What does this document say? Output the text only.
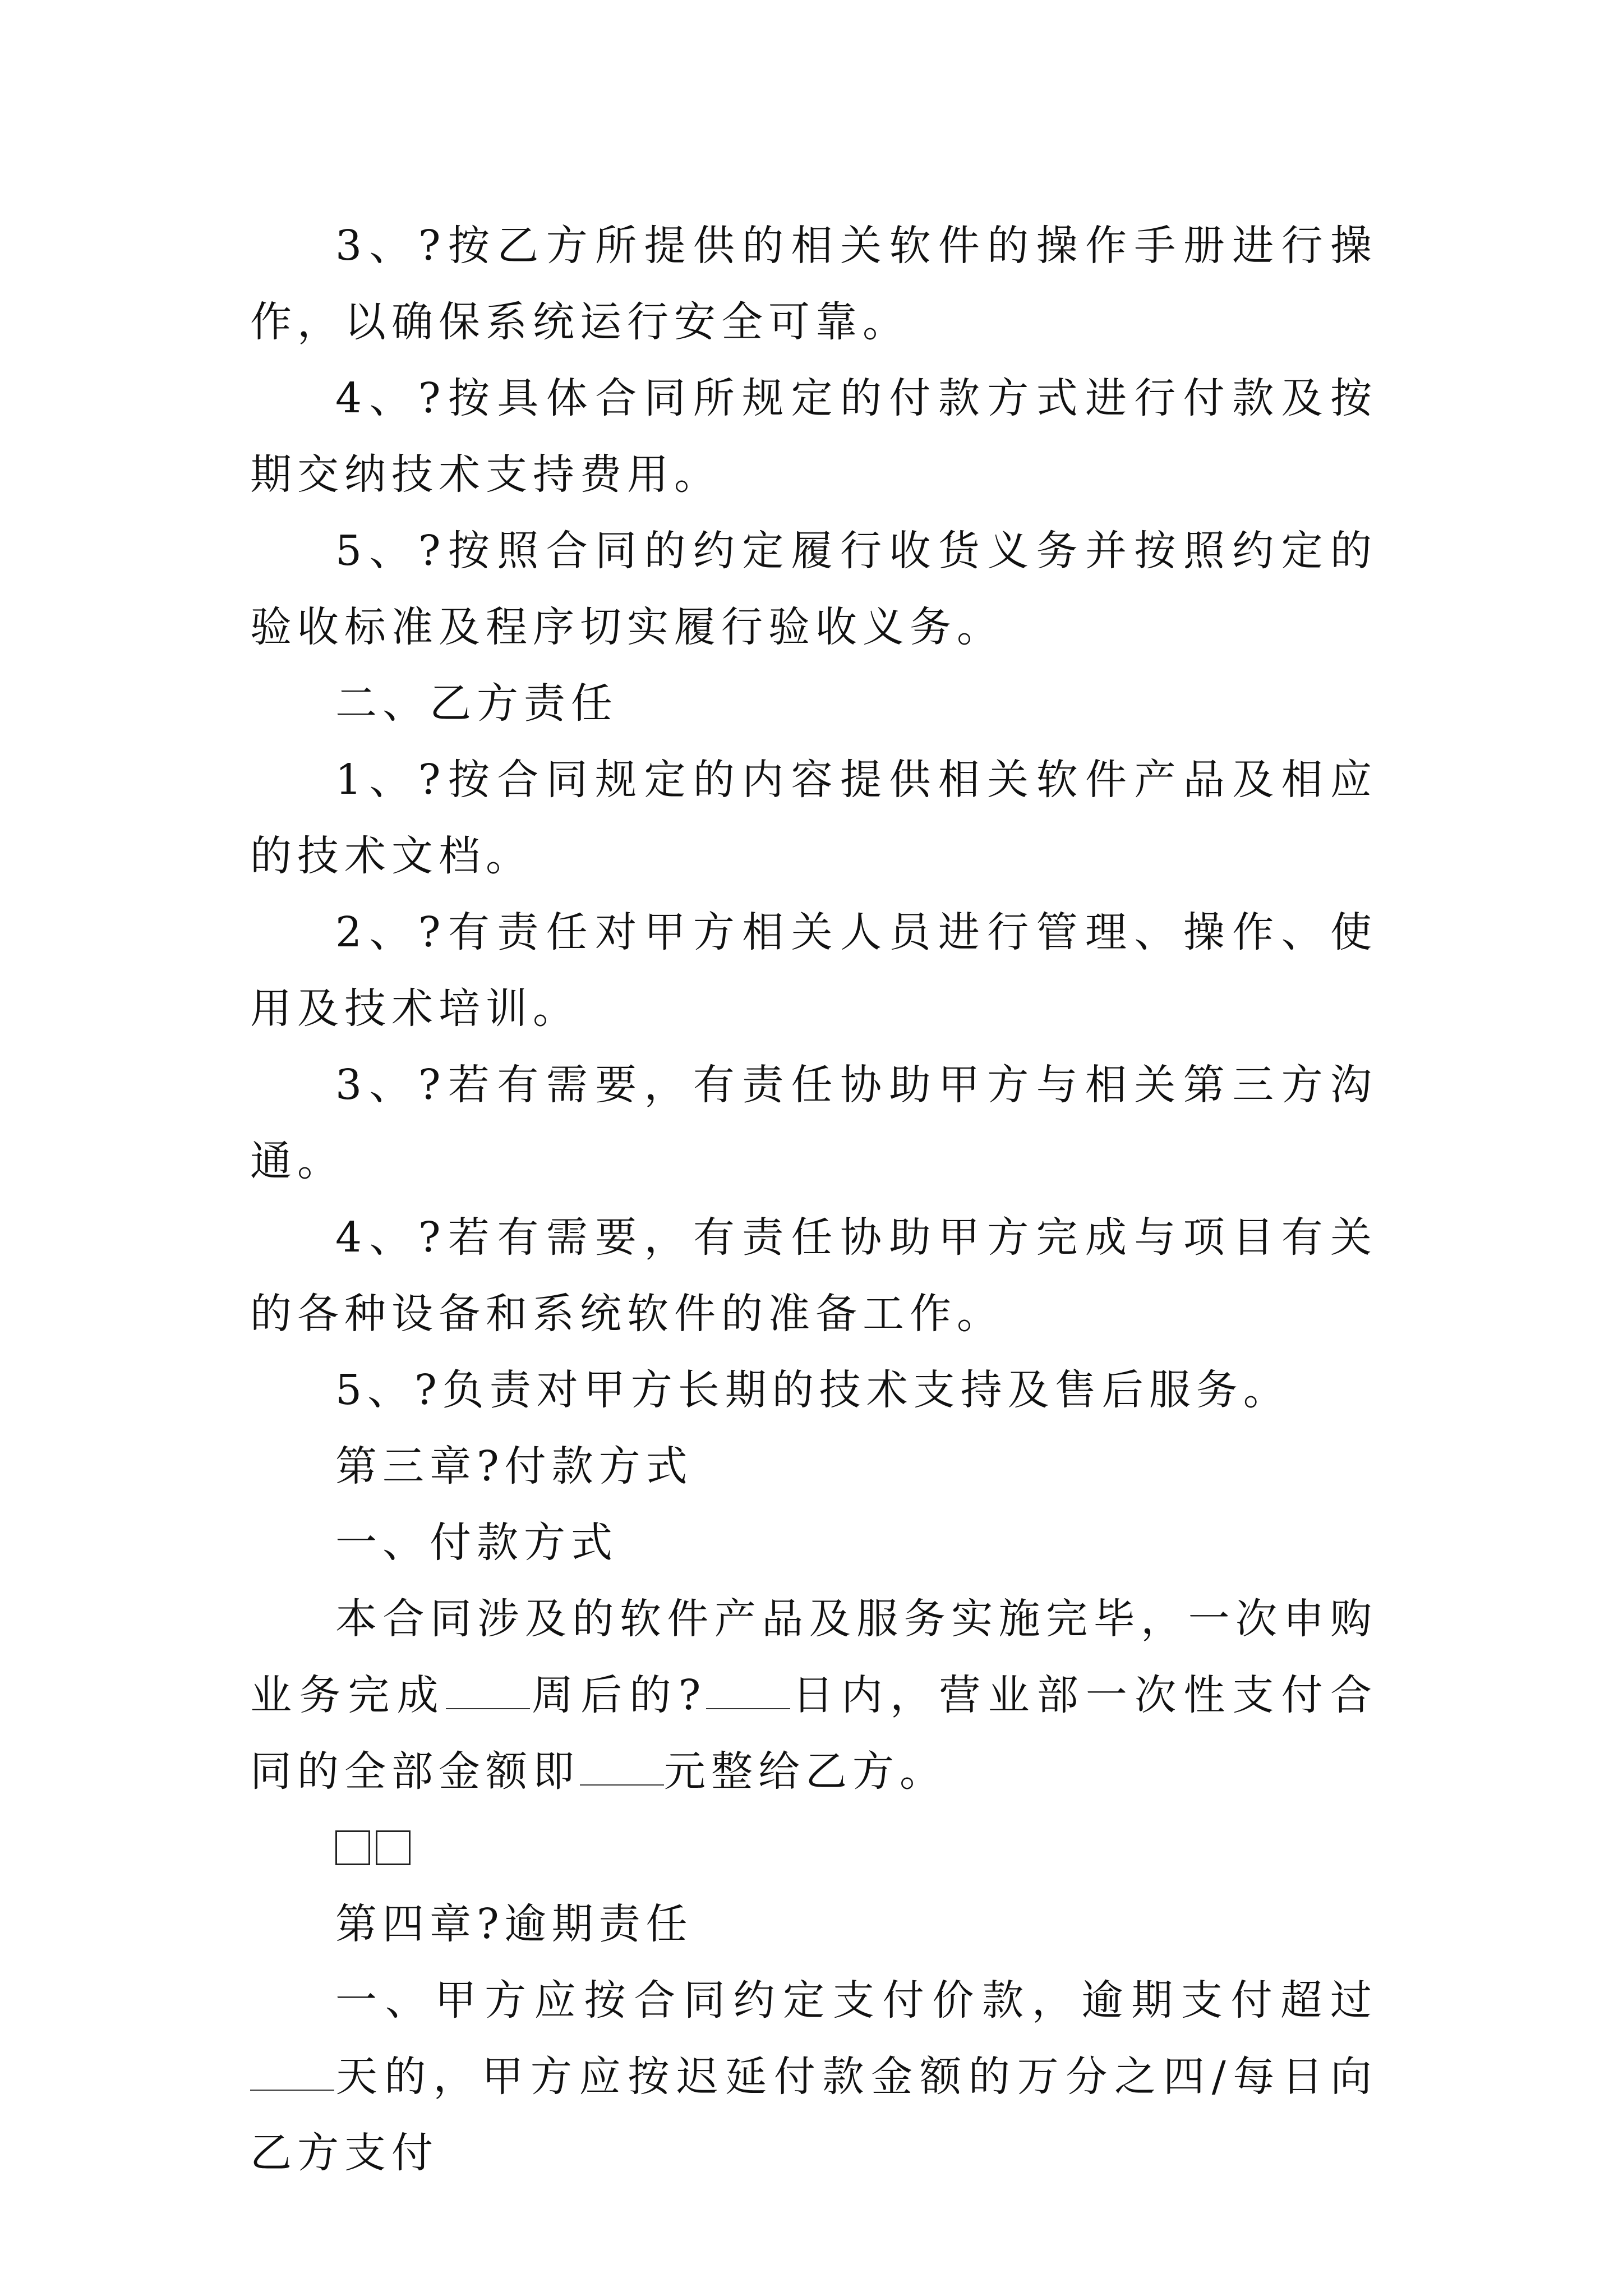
3、?按乙方所提供的相关软件的操作手册进行操作，以确保系统运行安全可靠。

4、?按具体合同所规定的付款方式进行付款及按期交纳技术支持费用。

5、?按照合同的约定履行收货义务并按照约定的验收标准及程序切实履行验收义务。

二、乙方责任

1、?按合同规定的内容提供相关软件产品及相应的技术文档。

2、?有责任对甲方相关人员进行管理、操作、使用及技术培训。

3、?若有需要，有责任协助甲方与相关第三方沟通。

4、?若有需要，有责任协助甲方完成与项目有关的各种设备和系统软件的准备工作。

5、?负责对甲方长期的技术支持及售后服务。

第三章?付款方式

一、付款方式

本合同涉及的软件产品及服务实施完毕，一次申购业务完成 周后的? 日内，营业部一次性支付合同的全部金额即 元整给乙方。

第四章?逾期责任

一、甲方应按合同约定支付价款，逾期支付超过天的，甲方应按迟延付款金额的万分之四/每日向乙方支付
